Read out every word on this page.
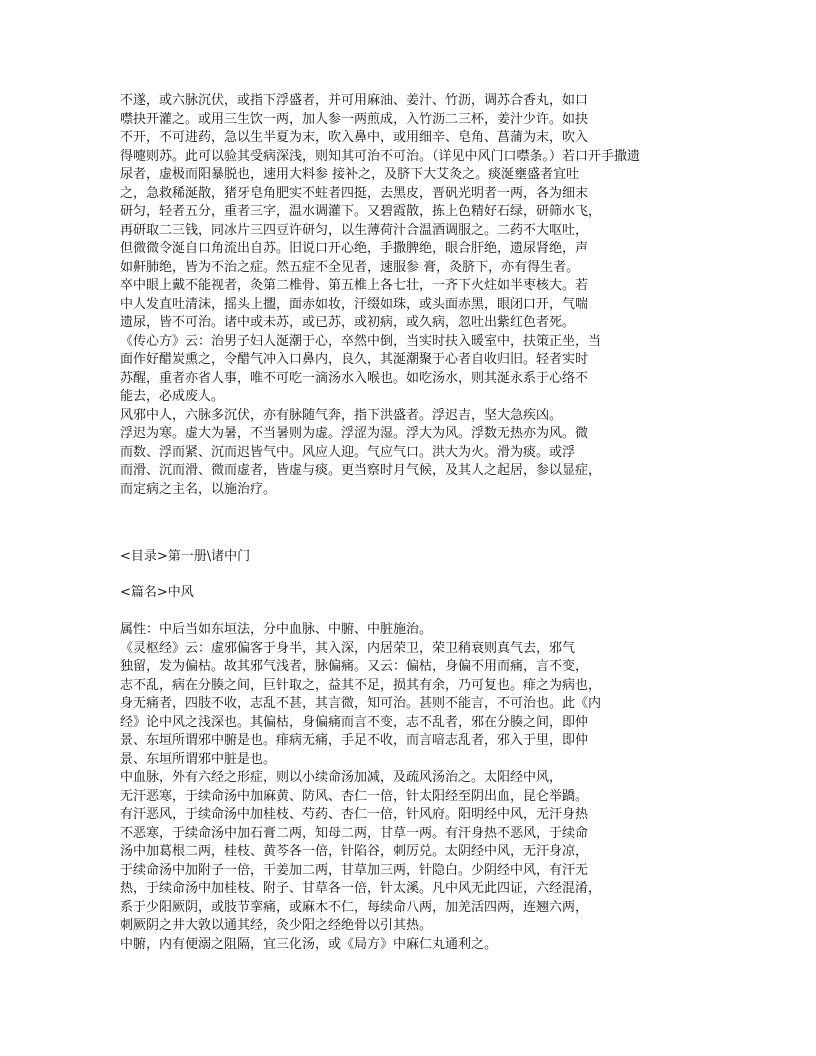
不遂，或六脉沉伏，或指下浮盛者，并可用麻油、姜汁、竹沥，调苏合香丸，如口
噤抉开灌之。或用三生饮一两，加人参一两煎成，入竹沥二三杯，姜汁少许。如抉
不开，不可进药，急以生半夏为末，吹入鼻中，或用细辛、皂角、菖蒲为末，吹入
得嚏则苏。此可以验其受病深浅，则知其可治不可治。（详见中风门口噤条。）若口开手撒遗
尿者，虚极而阳暴脱也，速用大料参 接补之，及脐下大艾灸之。痰涎壅盛者宜吐
之，急救稀涎散，猪牙皂角肥实不蛀者四挺，去黑皮，晋矾光明者一两，各为细末
研匀，轻者五分，重者三字，温水调灌下。又碧霞散，拣上色精好石绿，研筛水飞，
再研取二三钱，同冰片三四豆许研匀，以生薄荷汁合温酒调服之。二药不大呕吐，
但微微令涎自口角流出自苏。旧说口开心绝，手撒脾绝，眼合肝绝，遗尿肾绝，声
如鼾肺绝，皆为不治之症。然五症不全见者，速服参 膏，灸脐下，亦有得生者。
卒中眼上戴不能视者，灸第二椎骨、第五椎上各七壮，一齐下火炷如半枣核大。若
中人发直吐清沫，摇头上擝，面赤如妆，汗缀如珠，或头面赤黑，眼闭口开，气喘
遗尿，皆不可治。诸中或未苏，或已苏，或初病，或久病，忽吐出紫红色者死。
《传心方》云：治男子妇人涎潮于心，卒然中倒，当实时扶入暖室中，扶策正坐，当
面作好醋炭熏之，令醋气冲入口鼻内，良久，其涎潮聚于心者自收归旧。轻者实时
苏醒，重者亦省人事，唯不可吃一滴汤水入喉也。如吃汤水，则其涎永系于心络不
能去，必成废人。
风邪中人，六脉多沉伏，亦有脉随气奔，指下洪盛者。浮迟吉，坚大急疾凶。
浮迟为寒。虚大为暑，不当暑则为虚。浮涩为湿。浮大为风。浮数无热亦为风。微
而数、浮而紧、沉而迟皆气中。风应人迎。气应气口。洪大为火。滑为痰。或浮
而滑、沉而滑、微而虚者，皆虚与痰。更当察时月气候，及其人之起居，参以显症，
而定病之主名，以施治疗。
<目录>第一册\诸中门
<篇名>中风
属性：中后当如东垣法，分中血脉、中腑、中脏施治。
《灵枢经》云：虚邪偏客于身半，其入深，内居荣卫，荣卫稍衰则真气去，邪气
独留，发为偏枯。故其邪气浅者，脉偏痛。又云：偏枯，身偏不用而痛，言不变，
志不乱，病在分腠之间，巨针取之，益其不足，损其有余，乃可复也。痱之为病也，
身无痛者，四肢不收，志乱不甚，其言微，知可治。甚则不能言，不可治也。此《内
经》论中风之浅深也。其偏枯，身偏痛而言不变，志不乱者，邪在分腠之间，即仲
景、东垣所谓邪中腑是也。痱病无痛，手足不收，而言喑志乱者，邪入于里，即仲
景、东垣所谓邪中脏是也。
中血脉，外有六经之形症，则以小续命汤加减，及疏风汤治之。太阳经中风，
无汗恶寒，于续命汤中加麻黄、防风、杏仁一倍，针太阳经至阴出血，昆仑举蹻。
有汗恶风，于续命汤中加桂枝、芍药、杏仁一倍，针风府。阳明经中风，无汗身热
不恶寒，于续命汤中加石膏二两，知母二两，甘草一两。有汗身热不恶风，于续命
汤中加葛根二两，桂枝、黄芩各一倍，针陷谷，刺厉兑。太阴经中风，无汗身凉，
于续命汤中加附子一倍，干姜加二两，甘草加三两，针隐白。少阴经中风，有汗无
热，于续命汤中加桂枝、附子、甘草各一倍，针太溪。凡中风无此四证，六经混淆，
系于少阳厥阴，或肢节挛痛，或麻木不仁，每续命八两，加羌活四两，连翘六两，
刺厥阴之井大敦以通其经，灸少阳之经绝骨以引其热。
中腑，内有便溺之阻隔，宜三化汤，或《局方》中麻仁丸通利之。
